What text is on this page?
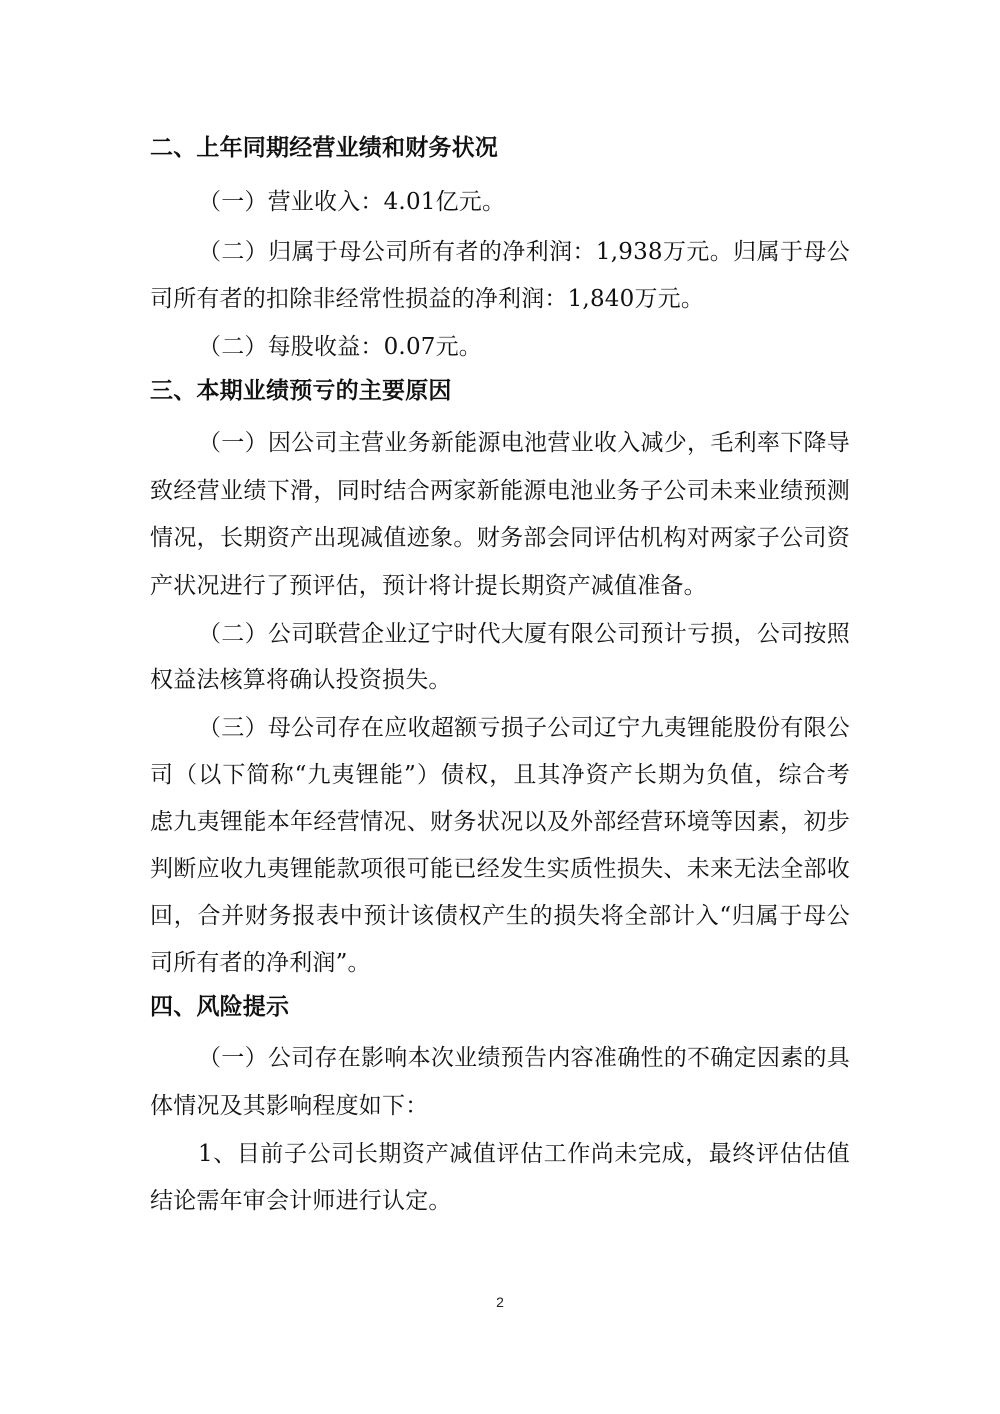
二、上年同期经营业绩和财务状况
（一）营业收入：4.01亿元。
（二）归属于母公司所有者的净利润：1,938万元。归属于母公
司所有者的扣除非经常性损益的净利润：1,840万元。
（二）每股收益：0.07元。
三、本期业绩预亏的主要原因
（一）因公司主营业务新能源电池营业收入减少，毛利率下降导
致经营业绩下滑，同时结合两家新能源电池业务子公司未来业绩预测
情况，长期资产出现减值迹象。财务部会同评估机构对两家子公司资
产状况进行了预评估，预计将计提长期资产减值准备。
（二）公司联营企业辽宁时代大厦有限公司预计亏损，公司按照
权益法核算将确认投资损失。
（三）母公司存在应收超额亏损子公司辽宁九夷锂能股份有限公
司（以下简称“九夷锂能”）债权，且其净资产长期为负值，综合考
虑九夷锂能本年经营情况、财务状况以及外部经营环境等因素，初步
判断应收九夷锂能款项很可能已经发生实质性损失、未来无法全部收
回，合并财务报表中预计该债权产生的损失将全部计入“归属于母公
司所有者的净利润”。
四、风险提示
（一）公司存在影响本次业绩预告内容准确性的不确定因素的具
体情况及其影响程度如下：
1、目前子公司长期资产减值评估工作尚未完成，最终评估估值
结论需年审会计师进行认定。
2
